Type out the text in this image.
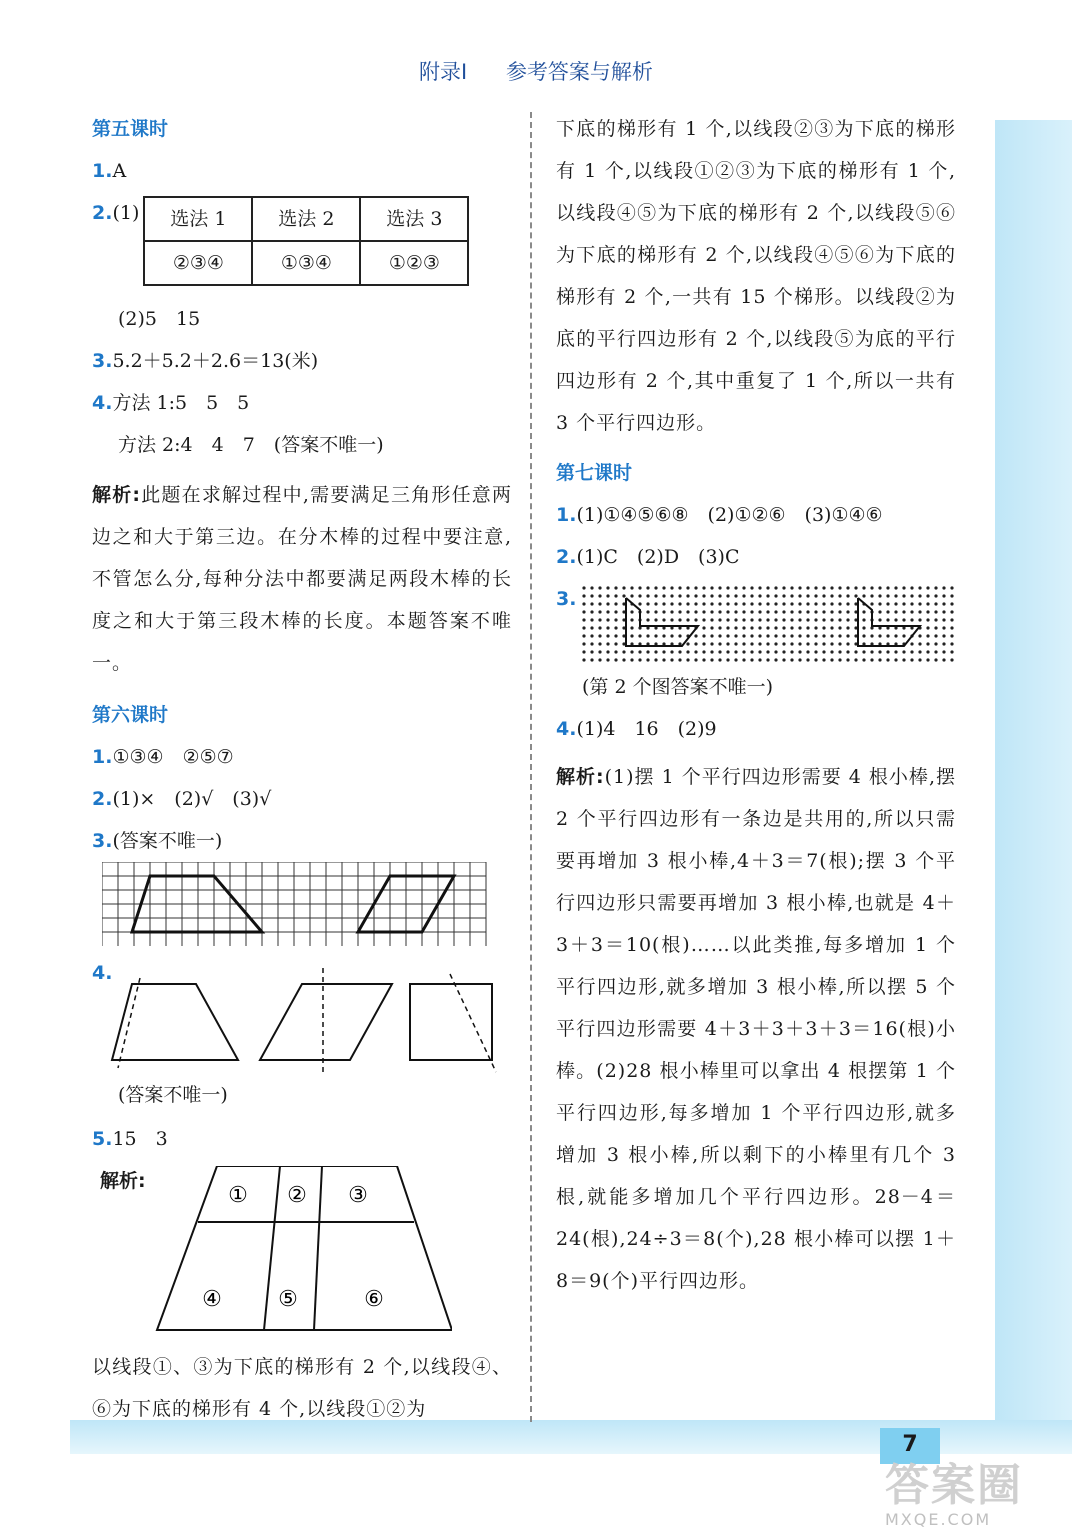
附录Ⅰ 参考答案与解析
第五课时
1.A
2. (1) 选法 1	选法 2	选法 3
②③④	①③④	①②③
(2)5　15
3.5.2＋5.2＋2.6＝13(米)
4.方法 1:5　5　5
方法 2:4　4　7　(答案不唯一)
解析:此题在求解过程中,需要满足三角形任意两边之和大于第三边。在分木棒的过程中要注意,不管怎么分,每种分法中都要满足两段木棒的长度之和大于第三段木棒的长度。本题答案不唯一。
第六课时
1.①③④　②⑤⑦
2.(1)×　(2)√　(3)√
3.(答案不唯一)
4.
(答案不唯一)
5.15　3
解析:
① ② ③
④	⑤	⑥
以线段①、③为下底的梯形有 2 个,以线段④、⑥为下底的梯形有 4 个,以线段①②为
下底的梯形有 1 个,以线段②③为下底的梯形有 1 个,以线段①②③为下底的梯形有 1 个,以线段④⑤为下底的梯形有 2 个,以线段⑤⑥为下底的梯形有 2 个,以线段④⑤⑥为下底的梯形有 2 个,一共有 15 个梯形。以线段②为底的平行四边形有 2 个,以线段⑤为底的平行四边形有 2 个,其中重复了 1 个,所以一共有 3 个平行四边形。
第七课时
1.(1)①④⑤⑥⑧　(2)①②⑥　(3)①④⑥
2.(1)C　(2)D　(3)C
3.
(第 2 个图答案不唯一)
4.(1)4　16　(2)9
解析:(1)摆 1 个平行四边形需要 4 根小棒,摆 2 个平行四边形有一条边是共用的,所以只需要再增加 3 根小棒,4＋3＝7(根);摆 3 个平行四边形只需要再增加 3 根小棒,也就是 4＋3＋3＝10(根)……以此类推,每多增加 1 个平行四边形,就多增加 3 根小棒,所以摆 5 个平行四边形需要 4＋3＋3＋3＋3＝16(根)小棒。(2)28 根小棒里可以拿出 4 根摆第 1 个平行四边形,每多增加 1 个平行四边形,就多增加 3 根小棒,所以剩下的小棒里有几个 3 根,就能多增加几个平行四边形。28－4＝24(根),24÷3＝8(个),28 根小棒可以摆 1＋8＝9(个)平行四边形。
7
答案圈
MXQE.COM
